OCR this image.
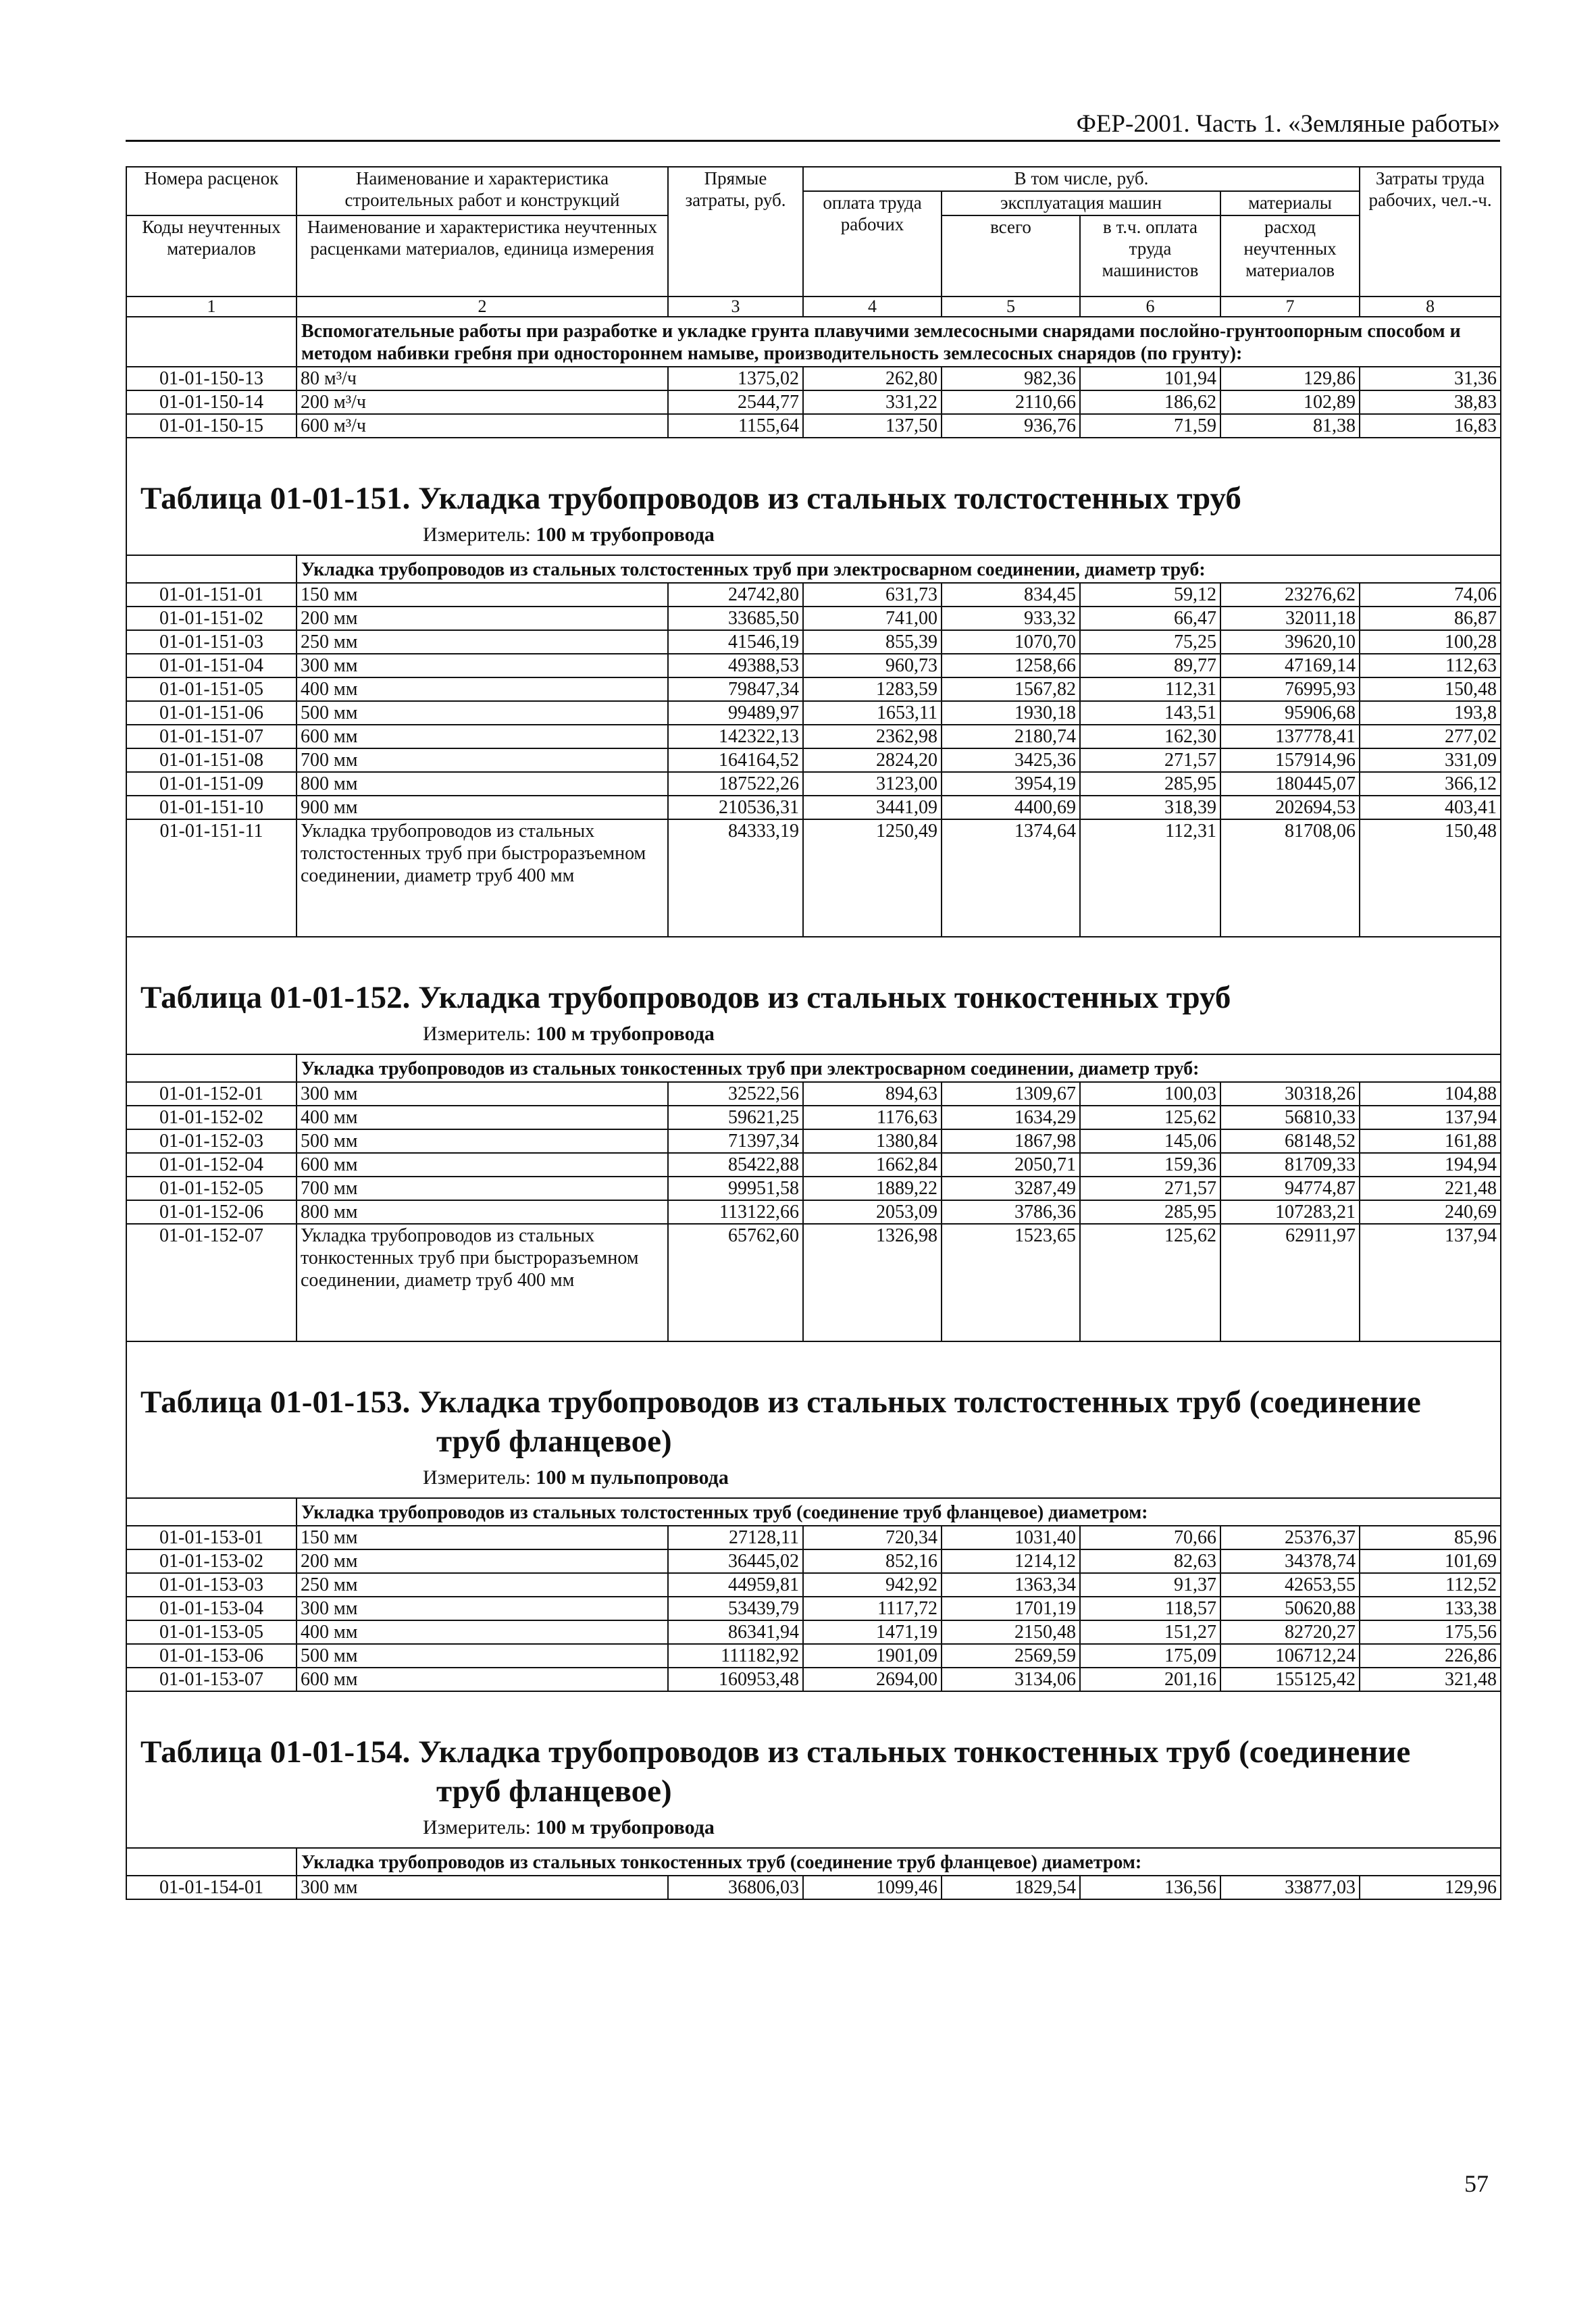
ФЕР-2001. Часть 1. «Земляные работы»
Номера расценок	Наименование и характеристика строительных работ и конструкций	Прямые затраты, руб.	В том числе, руб.				Затраты труда рабочих, чел.-ч.
			оплата труда рабочих	эксплуатация машин		материалы	
Коды неучтенных материалов	Наименование и характеристика неучтенных расценками материалов, единица измерения			всего	в т.ч. оплата труда машинистов	расход неучтенных материалов	
1	2	3	4	5	6	7	8
	Вспомогательные работы при разработке и укладке грунта плавучими землесосными снарядами послойно-грунтоопорным способом и методом набивки гребня при одностороннем намыве, производительность землесосных снарядов (по грунту):						
01-01-150-13	80 м³/ч	1375,02	262,80	982,36	101,94	129,86	31,36
01-01-150-14	200 м³/ч	2544,77	331,22	2110,66	186,62	102,89	38,83
01-01-150-15	600 м³/ч	1155,64	137,50	936,76	71,59	81,38	16,83

Таблица 01-01-151. Укладка трубопроводов из стальных толстостенных труб
Измеритель: 100 м трубопровода							

	Укладка трубопроводов из стальных толстостенных труб при электросварном соединении, диаметр труб:						
01-01-151-01	150 мм	24742,80	631,73	834,45	59,12	23276,62	74,06
01-01-151-02	200 мм	33685,50	741,00	933,32	66,47	32011,18	86,87
01-01-151-03	250 мм	41546,19	855,39	1070,70	75,25	39620,10	100,28
01-01-151-04	300 мм	49388,53	960,73	1258,66	89,77	47169,14	112,63
01-01-151-05	400 мм	79847,34	1283,59	1567,82	112,31	76995,93	150,48
01-01-151-06	500 мм	99489,97	1653,11	1930,18	143,51	95906,68	193,8
01-01-151-07	600 мм	142322,13	2362,98	2180,74	162,30	137778,41	277,02
01-01-151-08	700 мм	164164,52	2824,20	3425,36	271,57	157914,96	331,09
01-01-151-09	800 мм	187522,26	3123,00	3954,19	285,95	180445,07	366,12
01-01-151-10	900 мм	210536,31	3441,09	4400,69	318,39	202694,53	403,41
01-01-151-11	Укладка трубопроводов из стальных толстостенных труб при быстроразъемном соединении, диаметр труб 400 мм	84333,19	1250,49	1374,64	112,31	81708,06	150,48

Таблица 01-01-152. Укладка трубопроводов из стальных тонкостенных труб
Измеритель: 100 м трубопровода							

	Укладка трубопроводов из стальных тонкостенных труб при электросварном соединении, диаметр труб:						
01-01-152-01	300 мм	32522,56	894,63	1309,67	100,03	30318,26	104,88
01-01-152-02	400 мм	59621,25	1176,63	1634,29	125,62	56810,33	137,94
01-01-152-03	500 мм	71397,34	1380,84	1867,98	145,06	68148,52	161,88
01-01-152-04	600 мм	85422,88	1662,84	2050,71	159,36	81709,33	194,94
01-01-152-05	700 мм	99951,58	1889,22	3287,49	271,57	94774,87	221,48
01-01-152-06	800 мм	113122,66	2053,09	3786,36	285,95	107283,21	240,69
01-01-152-07	Укладка трубопроводов из стальных тонкостенных труб при быстроразъемном соединении, диаметр труб 400 мм	65762,60	1326,98	1523,65	125,62	62911,97	137,94

Таблица 01-01-153. Укладка трубопроводов из стальных толстостенных труб (соединение
труб фланцевое)
Измеритель: 100 м пульпопровода							

	Укладка трубопроводов из стальных толстостенных труб (соединение труб фланцевое) диаметром:						
01-01-153-01	150 мм	27128,11	720,34	1031,40	70,66	25376,37	85,96
01-01-153-02	200 мм	36445,02	852,16	1214,12	82,63	34378,74	101,69
01-01-153-03	250 мм	44959,81	942,92	1363,34	91,37	42653,55	112,52
01-01-153-04	300 мм	53439,79	1117,72	1701,19	118,57	50620,88	133,38
01-01-153-05	400 мм	86341,94	1471,19	2150,48	151,27	82720,27	175,56
01-01-153-06	500 мм	111182,92	1901,09	2569,59	175,09	106712,24	226,86
01-01-153-07	600 мм	160953,48	2694,00	3134,06	201,16	155125,42	321,48

Таблица 01-01-154. Укладка трубопроводов из стальных тонкостенных труб (соединение
труб фланцевое)
Измеритель: 100 м трубопровода							

	Укладка трубопроводов из стальных тонкостенных труб (соединение труб фланцевое) диаметром:						
01-01-154-01	300 мм	36806,03	1099,46	1829,54	136,56	33877,03	129,96
57
